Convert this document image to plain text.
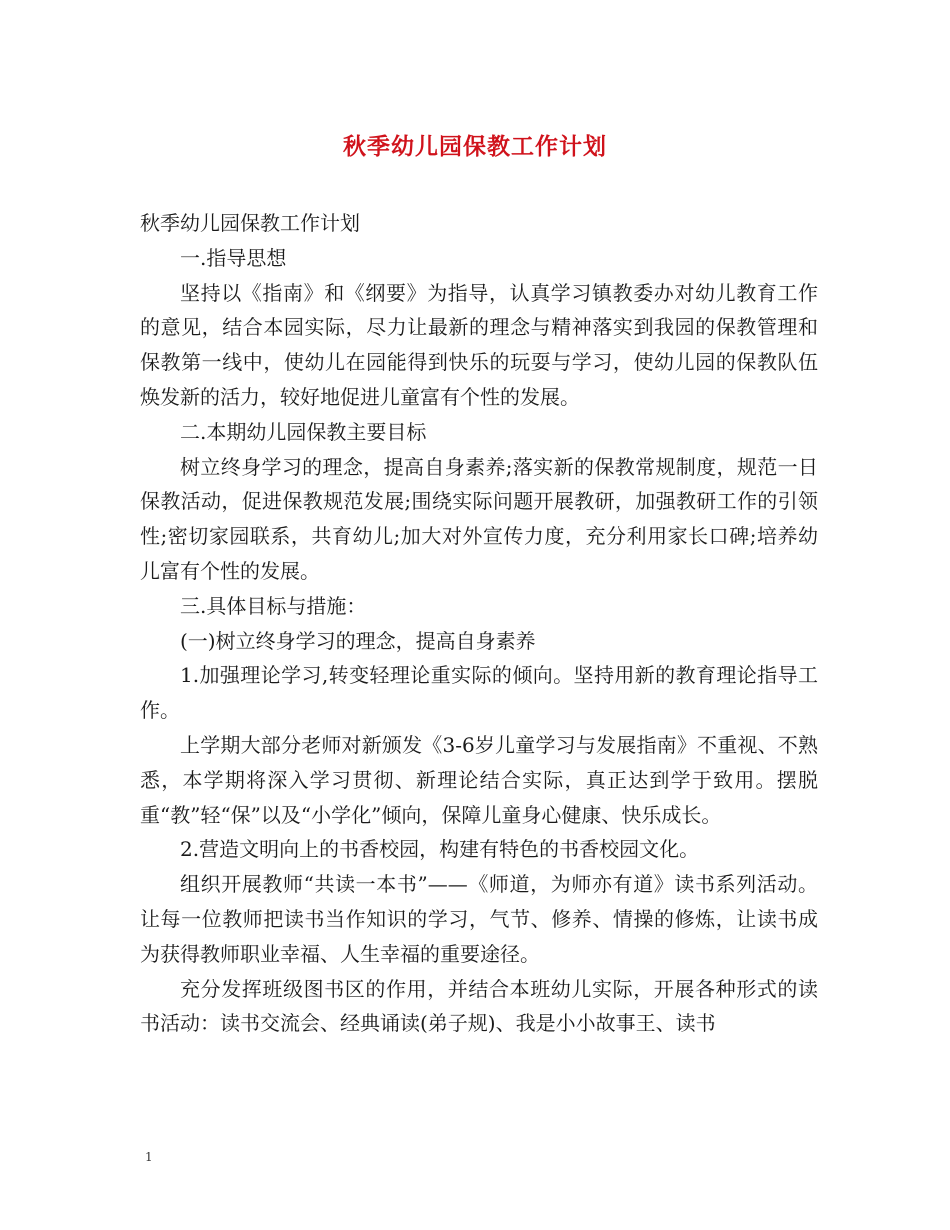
秋季幼儿园保教工作计划

秋季幼儿园保教工作计划

一.指导思想

坚持以《指南》和《纲要》为指导，认真学习镇教委办对幼儿教育工作的意见，结合本园实际，尽力让最新的理念与精神落实到我园的保教管理和保教第一线中，使幼儿在园能得到快乐的玩耍与学习，使幼儿园的保教队伍焕发新的活力，较好地促进儿童富有个性的发展。

二.本期幼儿园保教主要目标

树立终身学习的理念，提高自身素养;落实新的保教常规制度，规范一日保教活动，促进保教规范发展;围绕实际问题开展教研，加强教研工作的引领性;密切家园联系，共育幼儿;加大对外宣传力度，充分利用家长口碑;培养幼儿富有个性的发展。

三.具体目标与措施：

(一)树立终身学习的理念，提高自身素养

1.加强理论学习,转变轻理论重实际的倾向。坚持用新的教育理论指导工作。

上学期大部分老师对新颁发《3-6岁儿童学习与发展指南》不重视、不熟悉，本学期将深入学习贯彻、新理论结合实际，真正达到学于致用。摆脱重“教”轻“保”以及“小学化”倾向，保障儿童身心健康、快乐成长。

2.营造文明向上的书香校园，构建有特色的书香校园文化。

组织开展教师“共读一本书”——《师道，为师亦有道》读书系列活动。让每一位教师把读书当作知识的学习，气节、修养、情操的修炼，让读书成为获得教师职业幸福、人生幸福的重要途径。

充分发挥班级图书区的作用，并结合本班幼儿实际，开展各种形式的读书活动：读书交流会、经典诵读(弟子规)、我是小小故事王、读书

1
